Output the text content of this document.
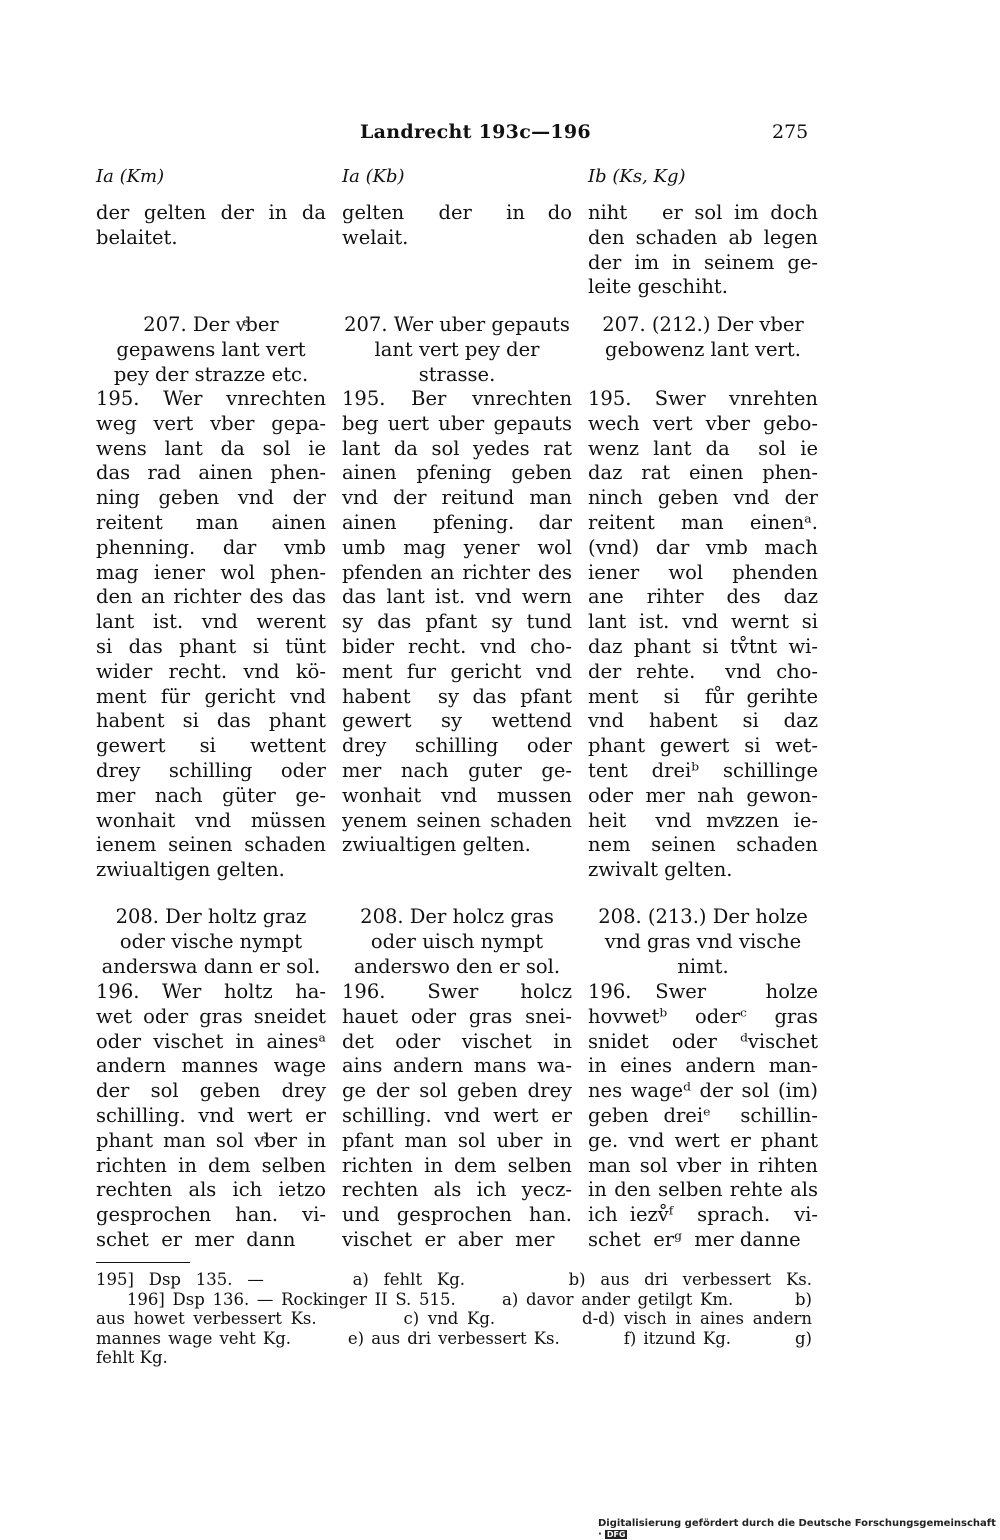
Landrecht 193c—196	275
Ia (Km)	Ia (Kb)	Ib (Ks, Kg)
der gelten der in da
belaitet.
gelten   der   in  do
welait.
niht   er sol im doch
den schaden ab legen
der im in seinem ge-
leite geschiht.
207. Der vͤber
gepawens lant vert
pey der strazze etc.
207. Wer uber gepauts
lant vert pey der
strasse.
207. (212.) Der vber
gebowenz lant vert.
195. Wer vnrechten
weg vert vber gepa-
wens lant da sol ie
das rad ainen phen-
ning geben vnd der
reitent  man  ainen
phenning. dar vmb
mag iener wol phen-
den an richter des das
lant ist. vnd werent
si das phant si tünt
wider recht. vnd kö-
ment für gericht vnd
habent si das phant
gewert  si  wettent
drey  schilling  oder
mer nach güter ge-
wonhait vnd müssen
ienem seinen schaden
zwiualtigen gelten.
195. Ber vnrechten
beg uert uber gepauts
lant da sol yedes rat
ainen pfening geben
vnd der reitund man
ainen   pfening.  dar
umb mag yener wol
pfenden an richter des
das lant ist. vnd wern
sy das pfant sy tund
bider recht. vnd cho-
ment fur gericht vnd
habent  sy das pfant
gewert  sy  wettend
drey  schilling  oder
mer nach guter ge-
wonhait vnd mussen
yenem seinen schaden
zwiualtigen gelten.
195. Swer vnrehten
wech vert vber gebo-
wenz lant da  sol ie
daz rat einen phen-
ninch geben vnd der
reitent man einenᵃ.
(vnd) dar vmb mach
iener  wol  phenden
ane  rihter  des  daz
lant ist. vnd wernt si
daz phant si tv̊tnt wi-
der rehte.  vnd cho-
ment  si  fůr gerihte
vnd  habent  si  daz
phant gewert si wet-
tent  dreiᵇ  schillinge
oder mer nah gewon-
heit  vnd mvͤzzen ie-
nem  seinen  schaden
zwivalt gelten.
208. Der holtz graz
oder vische nympt
anderswa dann er sol.
208. Der holcz gras
oder uisch nympt
anderswo den er sol.
208. (213.) Der holze
vnd gras vnd vische
nimt.
196. Wer holtz ha-
wet oder gras sneidet
oder vischet in ainesᵃ
andern mannes wage
der sol geben drey
schilling. vnd wert er
phant man sol vͤber in
richten in dem selben
rechten als ich ietzo
gesprochen han. vi-
schet  er  mer  dann
196.  Swer  holcz
hauet oder gras snei-
det oder vischet in
ains andern mans wa-
ge der sol geben drey
schilling. vnd wert er
pfant man sol uber in
richten in dem selben
rechten als ich yecz-
und gesprochen han.
vischet  er  aber  mer
196.  Swer     holze
hovwetᵇ  oderᶜ  gras
snidet  oder  ᵈvischet
in eines andern man-
nes wageᵈ der sol (im)
geben dreiᵉ  schillin-
ge. vnd wert er phant
man sol vber in rihten
in den selben rehte als
ich iezv̊ᶠ  sprach.  vi-
schet  erᵍ  mer danne
195] Dsp 135. —      a) fehlt Kg.       b) aus dri verbessert Ks.
196] Dsp 136. — Rockinger II S. 515.      a) davor ander getilgt Km.        b)
aus howet verbessert Ks.          c) vnd Kg.          d-d) visch in aines andern
mannes wage veht Kg.        e) aus dri verbessert Ks.         f) itzund Kg.         g)
fehlt Kg.
Digitalisierung gefördert durch die Deutsche Forschungsgemeinschaft · DFG
